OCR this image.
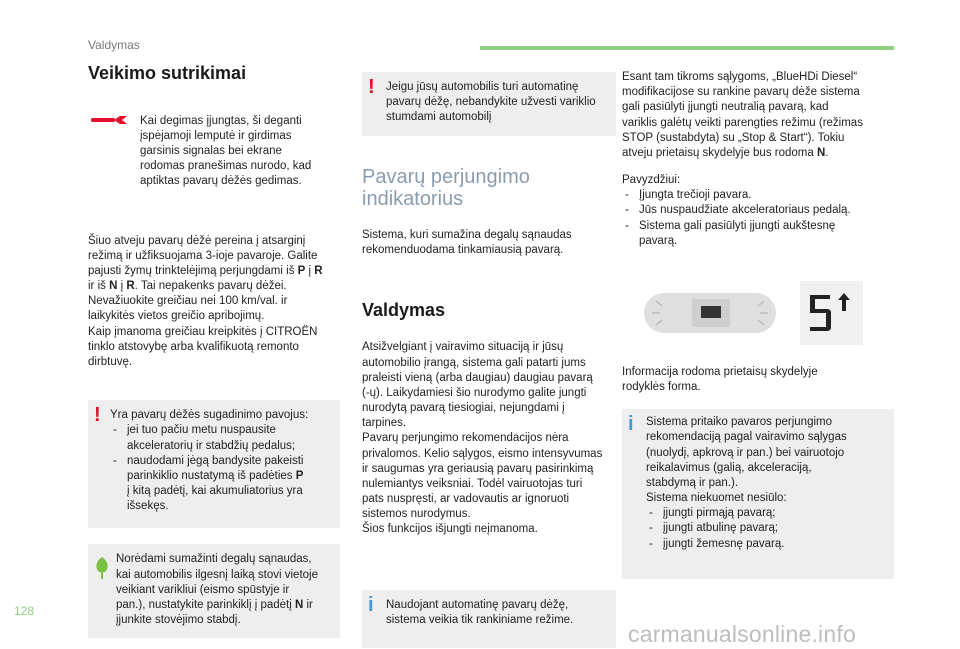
Valdymas
Veikimo sutrikimai

Kai degimas įjungtas, ši deganti
įspėjamoji lemputė ir girdimas
garsinis signalas bei ekrane
rodomas pranešimas nurodo, kad
aptiktas pavarų dėžės gedimas.

Šiuo atveju pavarų dėžė pereina į atsarginį
režimą ir užfiksuojama 3-ioje pavaroje. Galite
pajusti žymų trinktelėjimą perjungdami iš P į R
ir iš N į R. Tai nepakenks pavarų dėžei.
Nevažiuokite greičiau nei 100 km/val. ir
laikykitės vietos greičio apribojimų.
Kaip įmanoma greičiau kreipkitės į CITROËN
tinklo atstovybę arba kvalifikuotą remonto
dirbtuvę.

! Yra pavarų dėžės sugadinimo pavojus:

- jei tuo pačiu metu nuspausite
akceleratorių ir stabdžių pedalus;

- naudodami jėgą bandysite pakeisti
parinkiklio nustatymą iš padėties P
į kitą padėtį, kai akumuliatorius yra
išsekęs.

Norėdami sumažinti degalų sąnaudas,
kai automobilis ilgesnį laiką stovi vietoje
veikiant varikliui (eismo spūstyje ir
pan.), nustatykite parinkiklį į padėtį N ir
įjunkite stovėjimo stabdį.

! Jeigu jūsų automobilis turi automatinę
pavarų dėžę, nebandykite užvesti variklio
stumdami automobilį

Pavarų perjungimo
indikatorius

Sistema, kuri sumažina degalų sąnaudas
rekomenduodama tinkamiausią pavarą.

Valdymas

Atsižvelgiant į vairavimo situaciją ir jūsų
automobilio įrangą, sistema gali patarti jums
praleisti vieną (arba daugiau) daugiau pavarą
(-ų). Laikydamiesi šio nurodymo galite jungti
nurodytą pavarą tiesiogiai, nejungdami į
tarpines.
Pavarų perjungimo rekomendacijos nėra
privalomos. Kelio sąlygos, eismo intensyvumas
ir saugumas yra geriausią pavarų pasirinkimą
nulemiantys veiksniai. Todėl vairuotojas turi
pats nuspręsti, ar vadovautis ar ignoruoti
sistemos nurodymus.
Šios funkcijos išjungti neįmanoma.

i Naudojant automatinę pavarų dėžę,
sistema veikia tik rankiniame režime.

Esant tam tikroms sąlygoms, „BlueHDi Diesel“
modifikacijose su rankine pavarų dėže sistema
gali pasiūlyti įjungti neutralią pavarą, kad
variklis galėtų veikti parengties režimu (režimas
STOP (sustabdyta) su „Stop & Start“). Tokiu
atveju prietaisų skydelyje bus rodoma N.

Pavyzdžiui:

- Įjungta trečioji pavara.

- Jūs nuspaudžiate akceleratoriaus pedalą.

- Sistema gali pasiūlyti įjungti aukštesnę
pavarą.

Informacija rodoma prietaisų skydelyje
rodyklės forma.

i Sistema pritaiko pavaros perjungimo
rekomendaciją pagal vairavimo sąlygas
(nuolydį, apkrovą ir pan.) bei vairuotojo
reikalavimus (galią, akceleraciją,
stabdymą ir pan.).
Sistema niekuomet nesiūlo:

- įjungti pirmąją pavarą;
- įjungti atbulinę pavarą;
- įjungti žemesnę pavarą.
128
carmanualsonline.info
